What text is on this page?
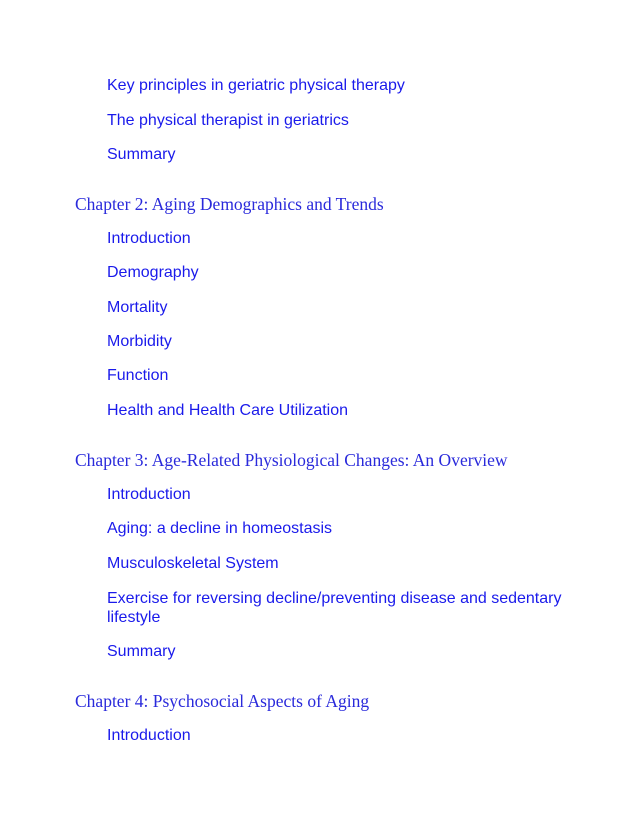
Key principles in geriatric physical therapy
The physical therapist in geriatrics
Summary
Chapter 2: Aging Demographics and Trends
Introduction
Demography
Mortality
Morbidity
Function
Health and Health Care Utilization
Chapter 3: Age-Related Physiological Changes: An Overview
Introduction
Aging: a decline in homeostasis
Musculoskeletal System
Exercise for reversing decline/preventing disease and sedentary lifestyle
Summary
Chapter 4: Psychosocial Aspects of Aging
Introduction
